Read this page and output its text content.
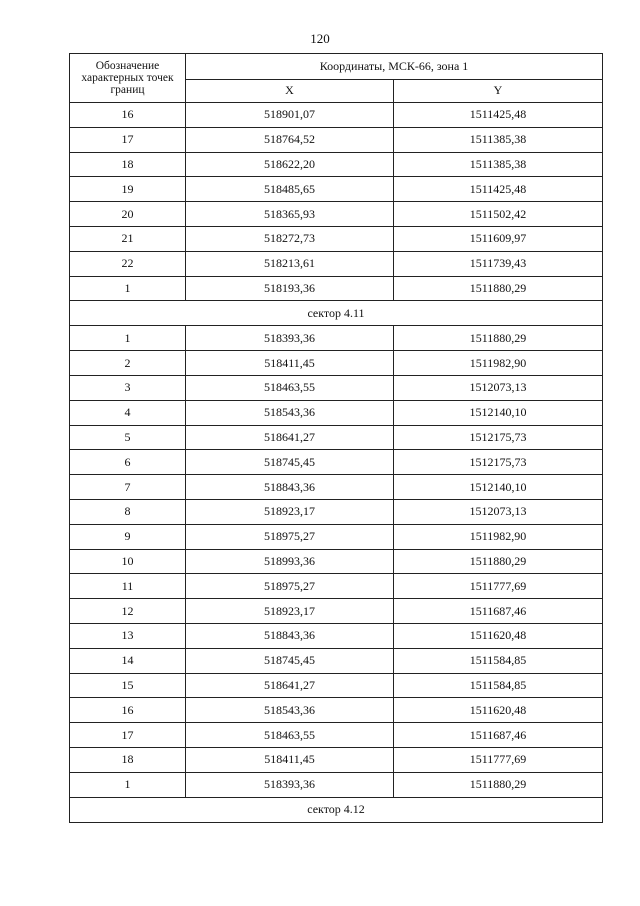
120
Обозначение характерных точек границ	Координаты, МСК-66, зона 1	
	X	Y
16	518901,07	1511425,48
17	518764,52	1511385,38
18	518622,20	1511385,38
19	518485,65	1511425,48
20	518365,93	1511502,42
21	518272,73	1511609,97
22	518213,61	1511739,43
1	518193,36	1511880,29
сектор 4.11		
1	518393,36	1511880,29
2	518411,45	1511982,90
3	518463,55	1512073,13
4	518543,36	1512140,10
5	518641,27	1512175,73
6	518745,45	1512175,73
7	518843,36	1512140,10
8	518923,17	1512073,13
9	518975,27	1511982,90
10	518993,36	1511880,29
11	518975,27	1511777,69
12	518923,17	1511687,46
13	518843,36	1511620,48
14	518745,45	1511584,85
15	518641,27	1511584,85
16	518543,36	1511620,48
17	518463,55	1511687,46
18	518411,45	1511777,69
1	518393,36	1511880,29
сектор 4.12		
